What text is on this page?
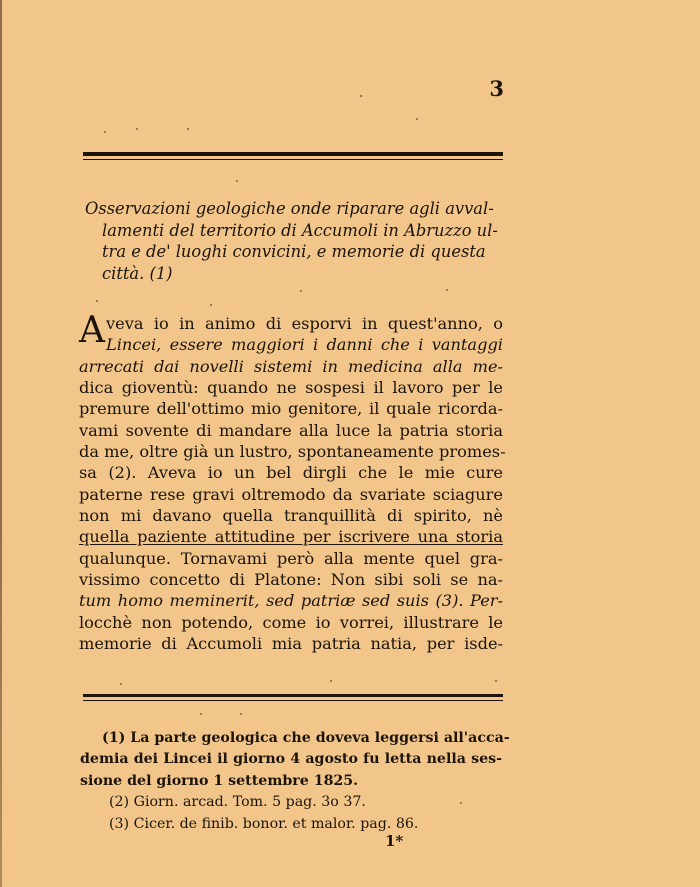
3
Osservazioni geologiche onde riparare agli avval-
lamenti del territorio di Accumoli in Abruzzo ul-
tra e de' luoghi convicini, e memorie di questa
città. (1)
Aveva io in animo di esporvi in quest'anno, o
Lincei, essere maggiori i danni che i vantaggi
arrecati dai novelli sistemi in medicina alla me-
dica gioventù: quando ne sospesi il lavoro per le
premure dell'ottimo mio genitore, il quale ricorda-
vami sovente di mandare alla luce la patria storia
da me, oltre già un lustro, spontaneamente promes-
sa (2). Aveva io un bel dirgli che le mie cure
paterne rese gravi oltremodo da svariate sciagure
non mi davano quella tranquillità di spirito, nè
quella paziente attitudine per iscrivere una storia
qualunque. Tornavami però alla mente quel gra-
vissimo concetto di Platone: Non sibi soli se na-
tum homo meminerit, sed patriæ sed suis (3). Per-
locchè non potendo, come io vorrei, illustrare le
memorie di Accumoli mia patria natia, per isde-
(1) La parte geologica che doveva leggersi all'acca-
demia dei Lincei il giorno 4 agosto fu letta nella ses-
sione del giorno 1 settembre 1825.
(2) Giorn. arcad. Tom. 5 pag. 3o 37.
(3) Cicer. de finib. bonor. et malor. pag. 86.
1*
